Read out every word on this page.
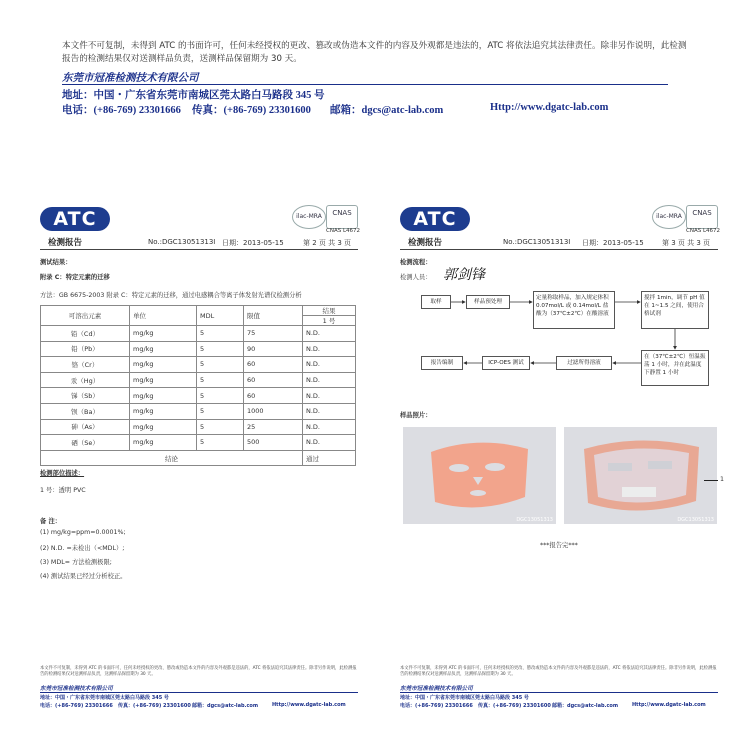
本文件不可复制，未得到 ATC 的书面许可，任何未经授权的更改、篡改或伪造本文件的内容及外观都是违法的，ATC 将依法追究其法律责任。除非另作说明，此检测报告的检测结果仅对送测样品负责，送测样品保留期为 30 天。
东莞市冠准检测技术有限公司
地址：中国・广东省东莞市南城区莞太路白马路段 345 号
电话：(+86-769) 23301666 传真：(+86-769) 23301600 邮箱：dgcs@atc-lab.com	Http://www.dgatc-lab.com
ATC	ilac-MRA	CNAS
CNAS L4672
检测报告	No.:DGC13051313I 日期：2013-05-15	第 2 页 共 3 页
测试结果：
附录 C：特定元素的迁移
方法：GB 6675-2003 附录 C：特定元素的迁移，通过电感耦合等离子体发射光谱仪检测分析
可溶出元素	单位	MDL	限值	结果
				1 号
铅（Cd）	mg/kg	5	75	N.D.
铅（Pb）	mg/kg	5	90	N.D.
铬（Cr）	mg/kg	5	60	N.D.
汞（Hg）	mg/kg	5	60	N.D.
锑（Sb）	mg/kg	5	60	N.D.
钡（Ba）	mg/kg	5	1000	N.D.
砷（As）	mg/kg	5	25	N.D.
硒（Se）	mg/kg	5	500	N.D.
结论				通过
检测部位描述：
1 号：透明 PVC
备 注：
(1) mg/kg=ppm=0.0001%;
(2) N.D. =未检出（<MDL）;
(3) MDL= 方法检测极限;
(4) 测试结果已经过分析校正。
ATC	ilac-MRA	CNAS
CNAS L4672
检测报告	No.:DGC13051313I 日期：2013-05-15	第 3 页 共 3 页
检测流程：
检测人员： 郭剑锋
取样	样品预处理
定量称取样品，加入规定体积 0.07mol/L 或 0.14mol/L 盐酸为（37℃±2℃）在酸溶液
搅拌 1min，调节 pH 值在 1~1.5 之间，使用合格试剂
在（37℃±2℃）恒温振荡 1 小时，并在此温度下静置 1 小时
过滤所得溶液
ICP-OES 测试
报告编制
样品照片：
DGC13051313	DGC13051313
1
***报告完***
本文件不可复制，未得到 ATC 的书面许可，任何未经授权的更改、篡改或伪造本文件的内容及外观都是违法的，ATC 将依法追究其法律责任。除非另作说明，此检测报告的检测结果仅对送测样品负责，送测样品保留期为 30 天。
东莞市冠准检测技术有限公司
地址：中国・广东省东莞市南城区莞太路白马路段 345 号
电话：(+86-769) 23301666 传真：(+86-769) 23301600 邮箱：dgcs@atc-lab.com	Http://www.dgatc-lab.com
本文件不可复制，未得到 ATC 的书面许可，任何未经授权的更改、篡改或伪造本文件的内容及外观都是违法的，ATC 将依法追究其法律责任。除非另作说明，此检测报告的检测结果仅对送测样品负责，送测样品保留期为 30 天。
东莞市冠准检测技术有限公司
地址：中国・广东省东莞市南城区莞太路白马路段 345 号
电话：(+86-769) 23301666 传真：(+86-769) 23301600 邮箱：dgcs@atc-lab.com	Http://www.dgatc-lab.com
